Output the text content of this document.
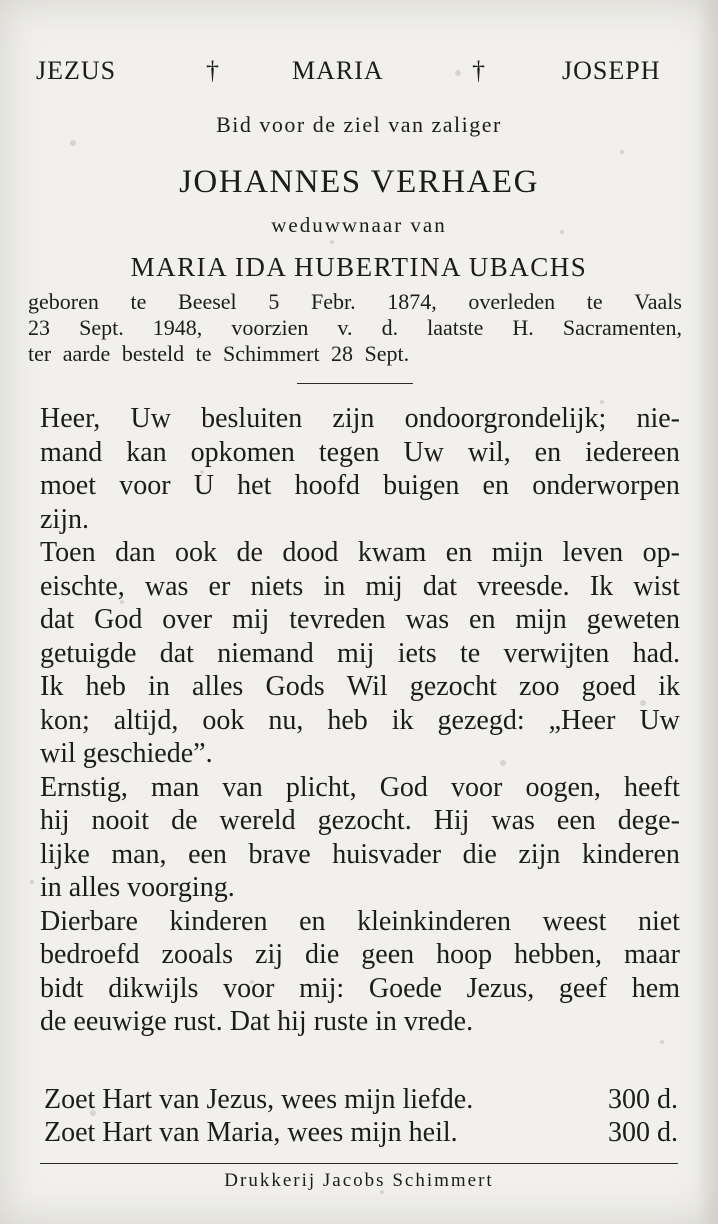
JEZUS	†	MARIA	†	JOSEPH
Bid voor de ziel van zaliger
JOHANNES VERHAEG
weduwwnaar van
MARIA IDA HUBERTINA UBACHS
geboren te Beesel 5 Febr. 1874, overleden te Vaals
23 Sept. 1948, voorzien v. d. laatste H. Sacramenten,
ter aarde besteld te Schimmert 28 Sept.
Heer, Uw besluiten zijn ondoorgrondelijk; nie-
mand kan opkomen tegen Uw wil, en iedereen
moet voor U het hoofd buigen en onderworpen
zijn.
Toen dan ook de dood kwam en mijn leven op-
eischte, was er niets in mij dat vreesde. Ik wist
dat God over mij tevreden was en mijn geweten
getuigde dat niemand mij iets te verwijten had.
Ik heb in alles Gods Wil gezocht zoo goed ik
kon; altijd, ook nu, heb ik gezegd: „Heer Uw
wil geschiede”.
Ernstig, man van plicht, God voor oogen, heeft
hij nooit de wereld gezocht. Hij was een dege-
lijke man, een brave huisvader die zijn kinderen
in alles voorging.
Dierbare kinderen en kleinkinderen weest niet
bedroefd zooals zij die geen hoop hebben, maar
bidt dikwijls voor mij: Goede Jezus, geef hem
de eeuwige rust. Dat hij ruste in vrede.
Zoet Hart van Jezus, wees mijn liefde.	300 d.
Zoet Hart van Maria, wees mijn heil.	300 d.
Drukkerij Jacobs Schimmert
